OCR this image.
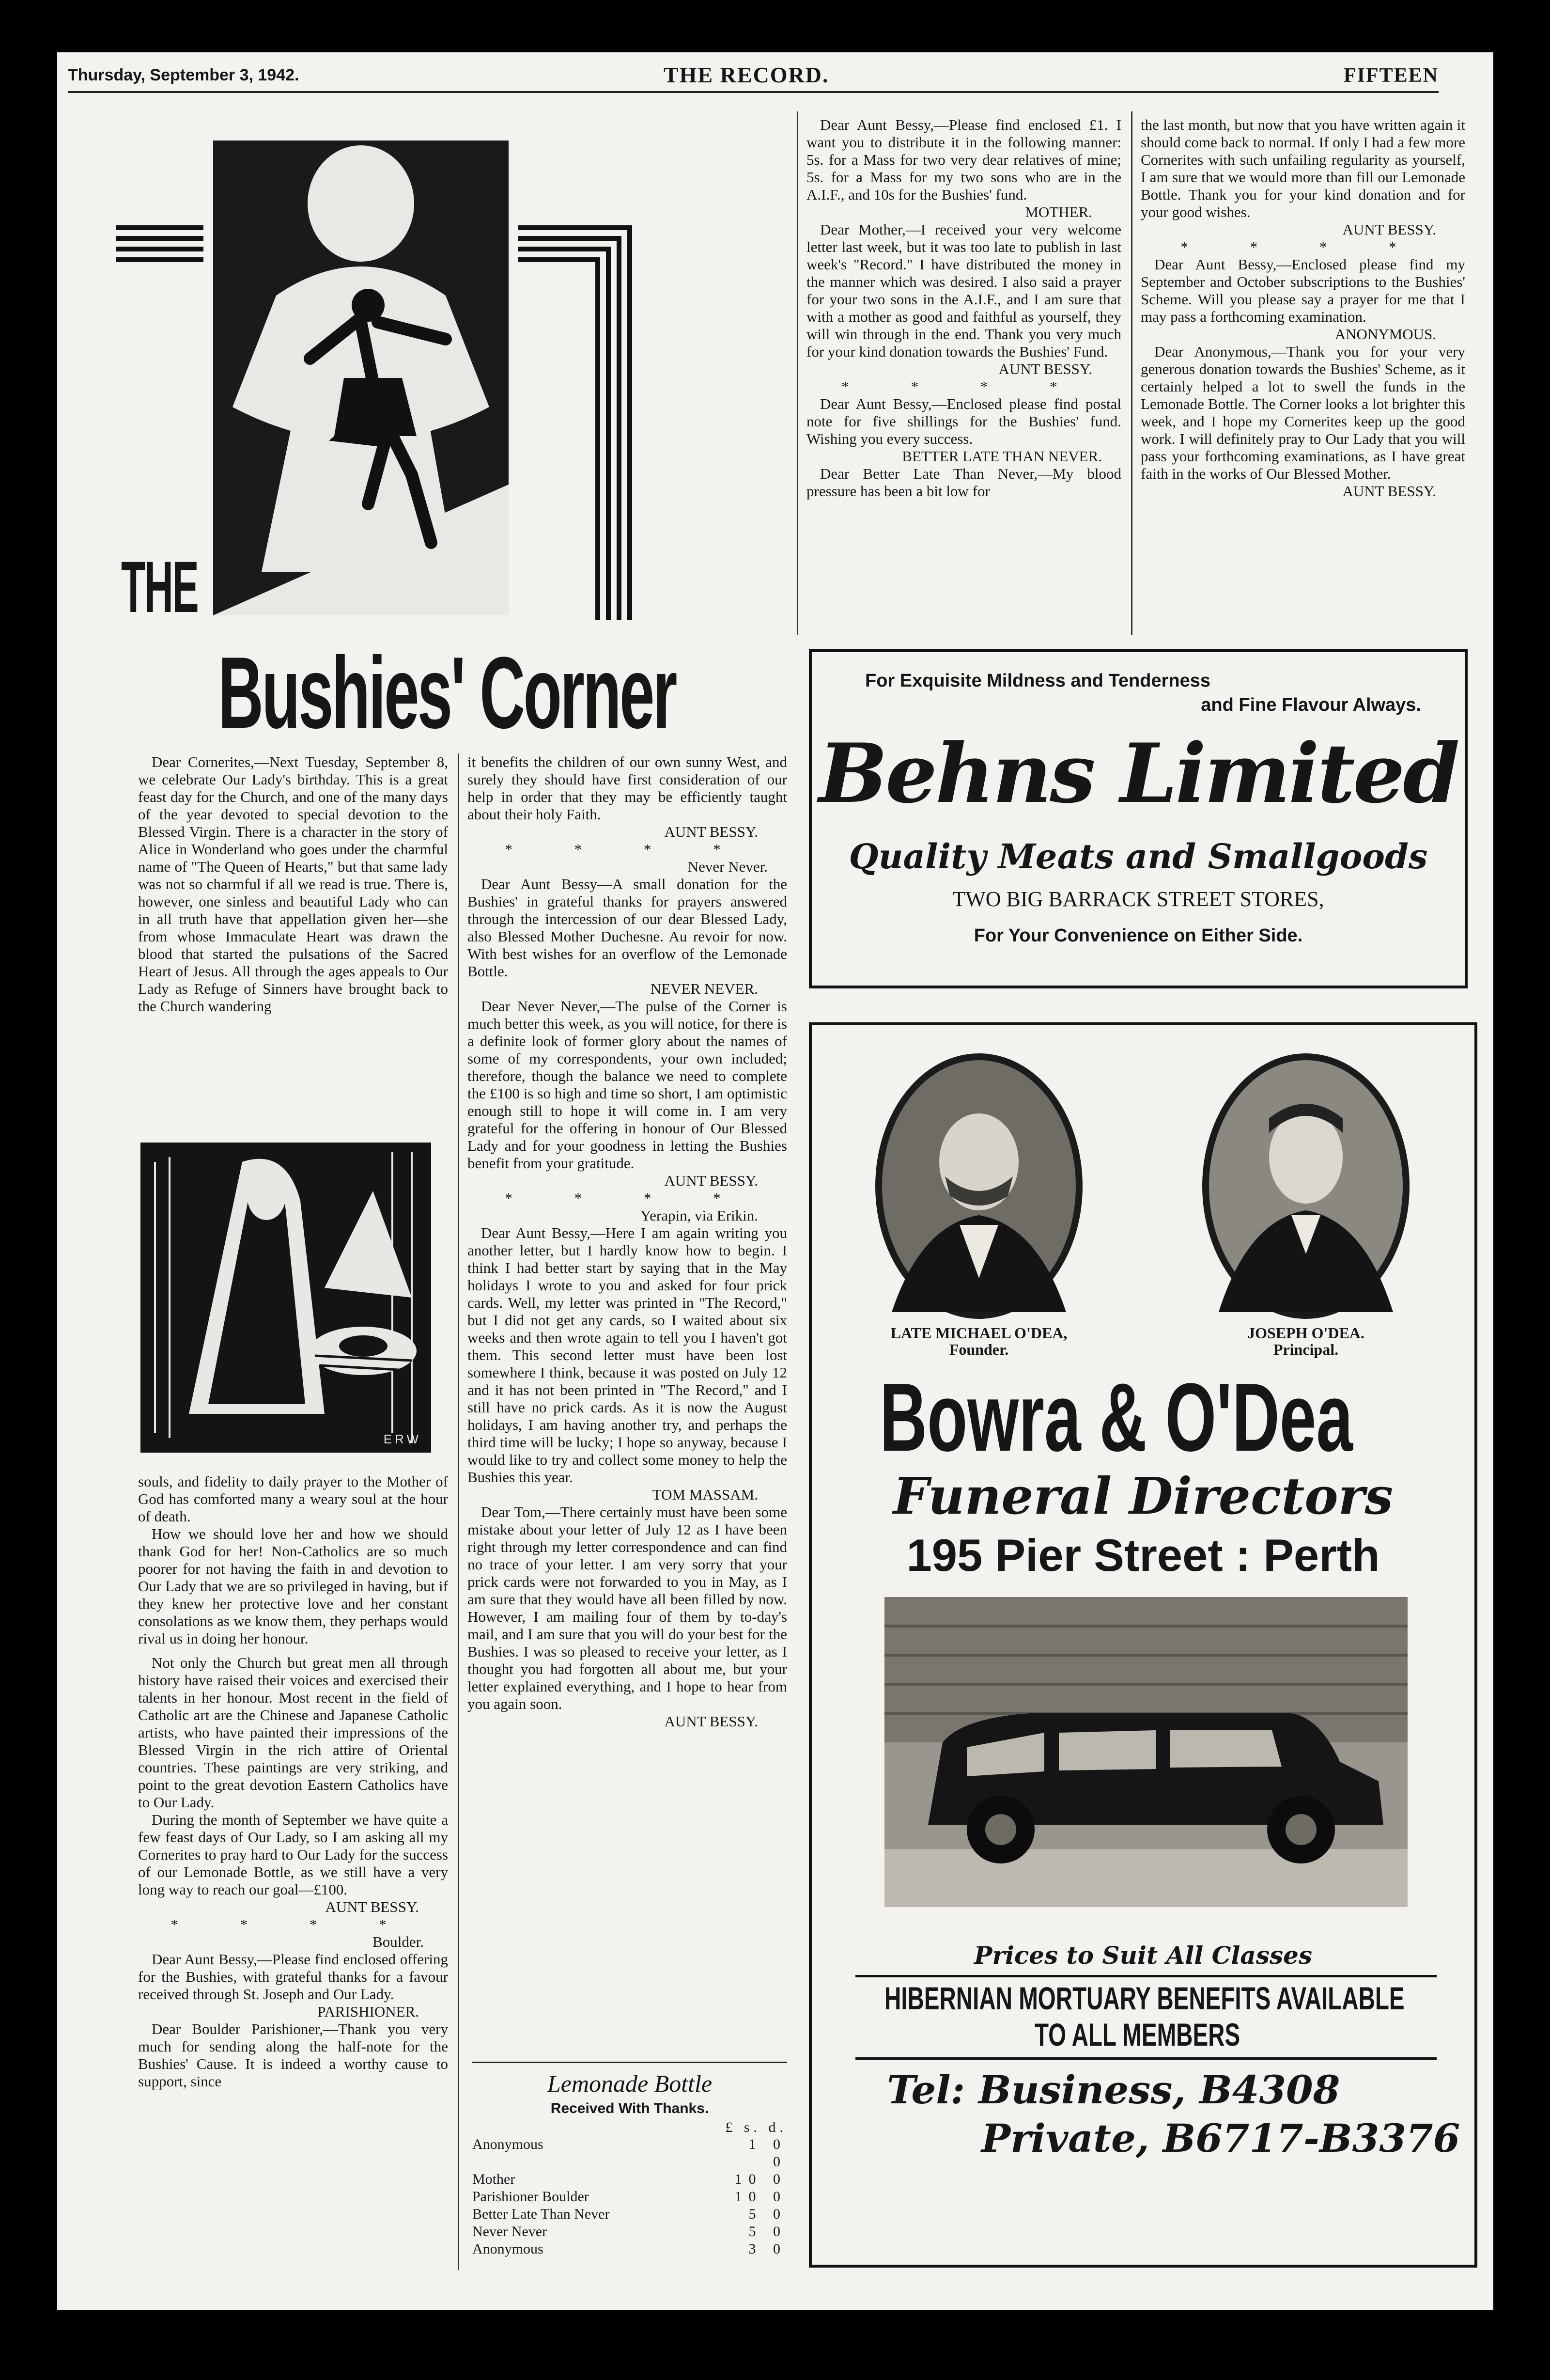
Thursday, September 3, 1942.	THE RECORD.	FIFTEEN
THE
Bushies' Corner

Dear Cornerites,—Next Tuesday, September 8, we celebrate Our Lady's birthday. This is a great feast day for the Church, and one of the many days of the year devoted to special devotion to the Blessed Virgin. There is a character in the story of Alice in Wonderland who goes under the charmful name of "The Queen of Hearts," but that same lady was not so charmful if all we read is true. There is, however, one sinless and beautiful Lady who can in all truth have that appellation given her—she from whose Immaculate Heart was drawn the blood that started the pulsations of the Sacred Heart of Jesus. All through the ages appeals to Our Lady as Refuge of Sinners have brought back to the Church wandering

ERW

souls, and fidelity to daily prayer to the Mother of God has comforted many a weary soul at the hour of death.

How we should love her and how we should thank God for her! Non-Catholics are so much poorer for not having the faith in and devotion to Our Lady that we are so privileged in having, but if they knew her protective love and her constant consolations as we know them, they perhaps would rival us in doing her honour.

Not only the Church but great men all through history have raised their voices and exercised their talents in her honour. Most recent in the field of Catholic art are the Chinese and Japanese Catholic artists, who have painted their impressions of the Blessed Virgin in the rich attire of Oriental countries. These paintings are very striking, and point to the great devotion Eastern Catholics have to Our Lady.

During the month of September we have quite a few feast days of Our Lady, so I am asking all my Cornerites to pray hard to Our Lady for the success of our Lemonade Bottle, as we still have a very long way to reach our goal—£100.

AUNT BESSY.

* * * *

Boulder.

Dear Aunt Bessy,—Please find enclosed offering for the Bushies, with grateful thanks for a favour received through St. Joseph and Our Lady.

PARISHIONER.

Dear Boulder Parishioner,—Thank you very much for sending along the half-note for the Bushies' Cause. It is indeed a worthy cause to support, since

it benefits the children of our own sunny West, and surely they should have first consideration of our help in order that they may be efficiently taught about their holy Faith.

AUNT BESSY.

* * * *

Never Never.

Dear Aunt Bessy—A small donation for the Bushies' in grateful thanks for prayers answered through the intercession of our dear Blessed Lady, also Blessed Mother Duchesne. Au revoir for now. With best wishes for an overflow of the Lemonade Bottle.

NEVER NEVER.

Dear Never Never,—The pulse of the Corner is much better this week, as you will notice, for there is a definite look of former glory about the names of some of my correspondents, your own included; therefore, though the balance we need to complete the £100 is so high and time so short, I am optimistic enough still to hope it will come in. I am very grateful for the offering in honour of Our Blessed Lady and for your goodness in letting the Bushies benefit from your gratitude.

AUNT BESSY.

* * * *

Yerapin, via Erikin.

Dear Aunt Bessy,—Here I am again writing you another letter, but I hardly know how to begin. I think I had better start by saying that in the May holidays I wrote to you and asked for four prick cards. Well, my letter was printed in "The Record," but I did not get any cards, so I waited about six weeks and then wrote again to tell you I haven't got them. This second letter must have been lost somewhere I think, because it was posted on July 12 and it has not been printed in "The Record," and I still have no prick cards. As it is now the August holidays, I am having another try, and perhaps the third time will be lucky; I hope so anyway, because I would like to try and collect some money to help the Bushies this year.

TOM MASSAM.

Dear Tom,—There certainly must have been some mistake about your letter of July 12 as I have been right through my letter correspondence and can find no trace of your letter. I am very sorry that your prick cards were not forwarded to you in May, as I am sure that they would have all been filled by now. However, I am mailing four of them by to-day's mail, and I am sure that you will do your best for the Bushies. I was so pleased to receive your letter, as I thought you had forgotten all about me, but your letter explained everything, and I hope to hear from you again soon.

AUNT BESSY.

Lemonade Bottle
Received With Thanks.
£ s. d.
Anonymous	1 0 0
Mother	10 0
Parishioner Boulder	10 0
Better Late Than Never	5 0
Never Never	5 0
Anonymous	3 0

Dear Aunt Bessy,—Please find enclosed £1. I want you to distribute it in the following manner: 5s. for a Mass for two very dear relatives of mine; 5s. for a Mass for my two sons who are in the A.I.F., and 10s for the Bushies' fund.

MOTHER.

Dear Mother,—I received your very welcome letter last week, but it was too late to publish in last week's "Record." I have distributed the money in the manner which was desired. I also said a prayer for your two sons in the A.I.F., and I am sure that with a mother as good and faithful as yourself, they will win through in the end. Thank you very much for your kind donation towards the Bushies' Fund.

AUNT BESSY.

* * * *

Dear Aunt Bessy,—Enclosed please find postal note for five shillings for the Bushies' fund. Wishing you every success.

BETTER LATE THAN NEVER.

Dear Better Late Than Never,—My blood pressure has been a bit low for

the last month, but now that you have written again it should come back to normal. If only I had a few more Cornerites with such unfailing regularity as yourself, I am sure that we would more than fill our Lemonade Bottle. Thank you for your kind donation and for your good wishes.

AUNT BESSY.

* * * *

Dear Aunt Bessy,—Enclosed please find my September and October subscriptions to the Bushies' Scheme. Will you please say a prayer for me that I may pass a forthcoming examination.

ANONYMOUS.

Dear Anonymous,—Thank you for your very generous donation towards the Bushies' Scheme, as it certainly helped a lot to swell the funds in the Lemonade Bottle. The Corner looks a lot brighter this week, and I hope my Cornerites keep up the good work. I will definitely pray to Our Lady that you will pass your forthcoming examinations, as I have great faith in the works of Our Blessed Mother.

AUNT BESSY.

For Exquisite Mildness and Tenderness
and Fine Flavour Always.
Behns Limited
Quality Meats and Smallgoods
TWO BIG BARRACK STREET STORES,
For Your Convenience on Either Side.
LATE MICHAEL O'DEA,
Founder.
JOSEPH O'DEA.
Principal.
Bowra & O'Dea
Funeral Directors
195 Pier Street : Perth
Prices to Suit All Classes
HIBERNIAN MORTUARY BENEFITS AVAILABLE
TO ALL MEMBERS
Tel: Business, B4308
Private, B6717-B3376
